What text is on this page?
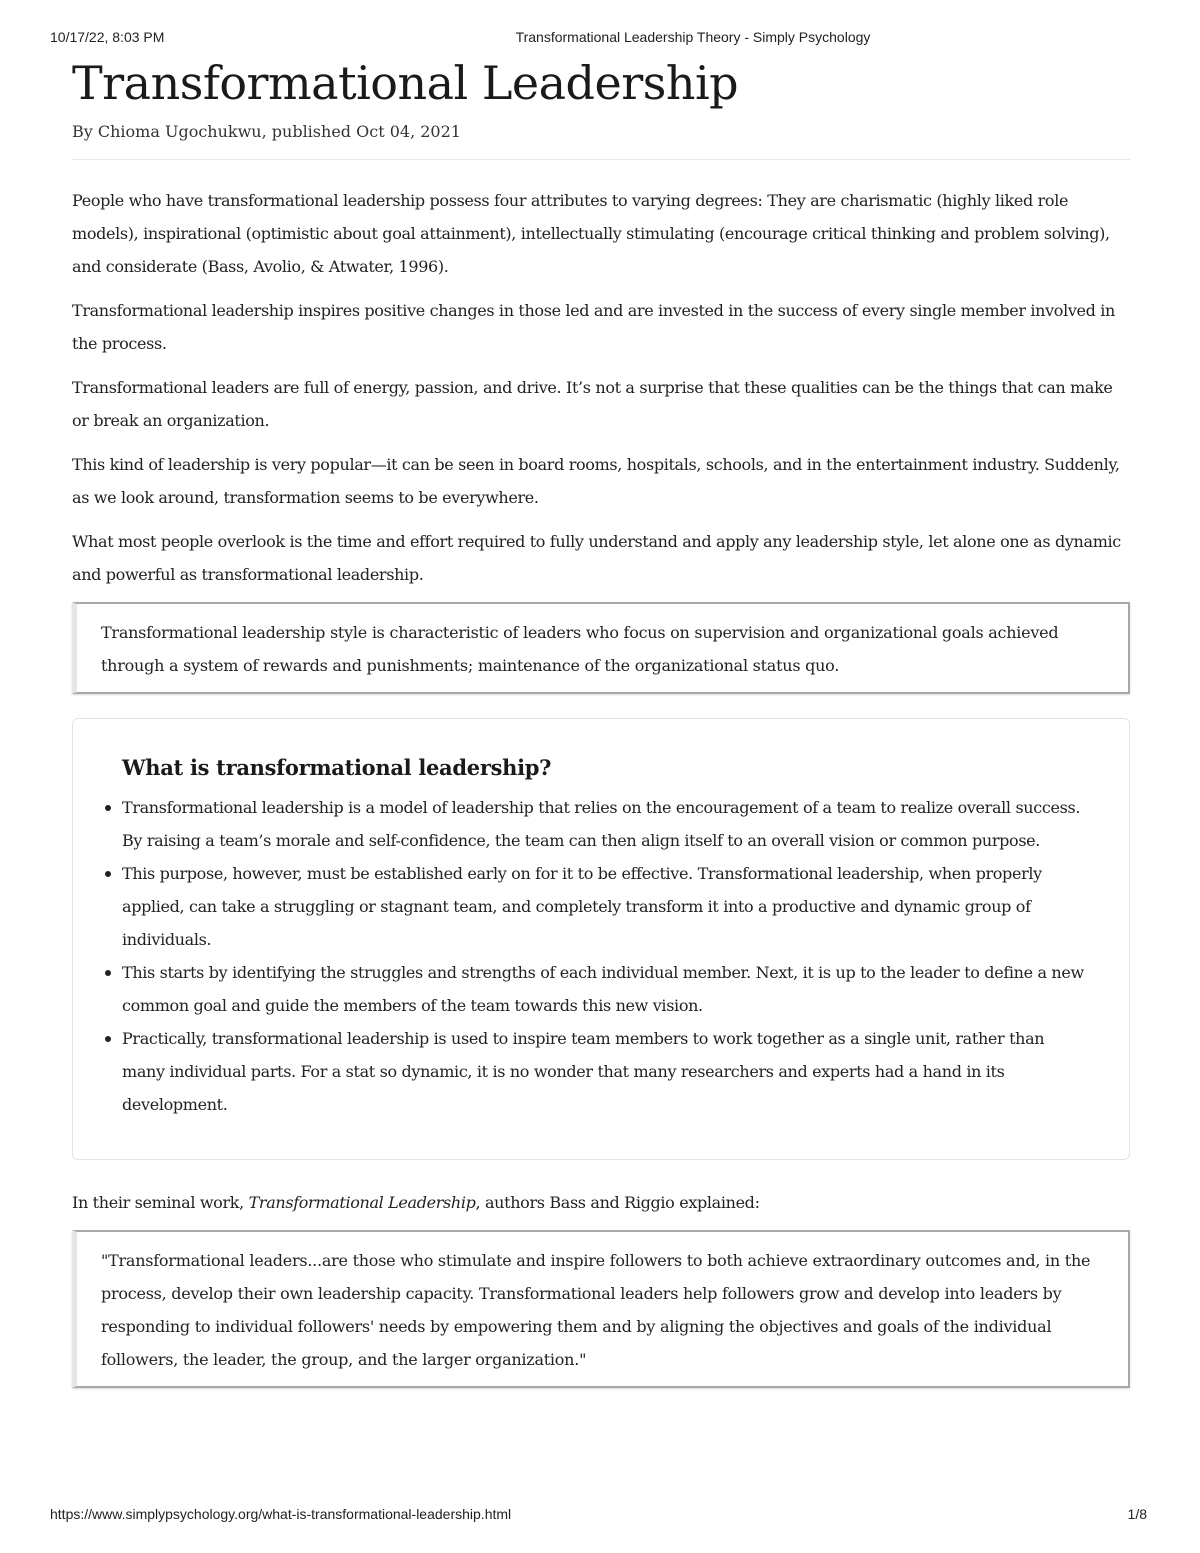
10/17/22, 8:03 PM	Transformational Leadership Theory - Simply Psychology
Transformational Leadership
By Chioma Ugochukwu, published Oct 04, 2021

People who have transformational leadership possess four attributes to varying degrees: They are charismatic (highly liked role models), inspirational (optimistic about goal attainment), intellectually stimulating (encourage critical thinking and problem solving), and considerate (Bass, Avolio, & Atwater, 1996).

Transformational leadership inspires positive changes in those led and are invested in the success of every single member involved in the process.

Transformational leaders are full of energy, passion, and drive. It’s not a surprise that these qualities can be the things that can make or break an organization.

This kind of leadership is very popular—it can be seen in board rooms, hospitals, schools, and in the entertainment industry. Suddenly, as we look around, transformation seems to be everywhere.

What most people overlook is the time and effort required to fully understand and apply any leadership style, let alone one as dynamic and powerful as transformational leadership.

Transformational leadership style is characteristic of leaders who focus on supervision and organizational goals achieved through a system of rewards and punishments; maintenance of the organizational status quo.

What is transformational leadership?
Transformational leadership is a model of leadership that relies on the encouragement of a team to realize overall success. By raising a team’s morale and self-confidence, the team can then align itself to an overall vision or common purpose.
This purpose, however, must be established early on for it to be effective. Transformational leadership, when properly applied, can take a struggling or stagnant team, and completely transform it into a productive and dynamic group of individuals.
This starts by identifying the struggles and strengths of each individual member. Next, it is up to the leader to define a new common goal and guide the members of the team towards this new vision.
Practically, transformational leadership is used to inspire team members to work together as a single unit, rather than many individual parts. For a stat so dynamic, it is no wonder that many researchers and experts had a hand in its development.

In their seminal work, Transformational Leadership, authors Bass and Riggio explained:

"Transformational leaders...are those who stimulate and inspire followers to both achieve extraordinary outcomes and, in the process, develop their own leadership capacity. Transformational leaders help followers grow and develop into leaders by responding to individual followers' needs by empowering them and by aligning the objectives and goals of the individual followers, the leader, the group, and the larger organization."

https://www.simplypsychology.org/what-is-transformational-leadership.html	1/8
